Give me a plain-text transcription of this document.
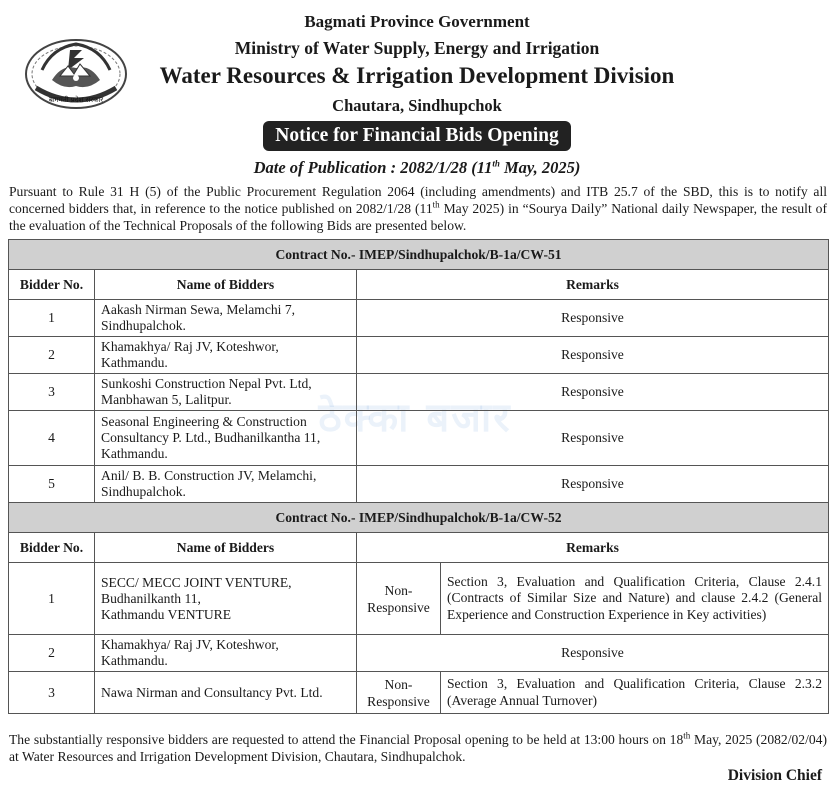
बागमती प्रदेश सरकार
Bagmati Province Government
Ministry of Water Supply, Energy and Irrigation
Water Resources & Irrigation Development Division
Chautara, Sindhupchok
Notice for Financial Bids Opening
Date of Publication : 2082/1/28 (11th May, 2025)

Pursuant to Rule 31 H (5) of the Public Procurement Regulation 2064 (including amendments) and ITB 25.7 of the SBD, this is to notify all concerned bidders that, in reference to the notice published on 2082/1/28 (11th May 2025) in “Sourya Daily” National daily Newspaper, the result of the evaluation of the Technical Proposals of the following Bids are presented below.

ठेक्का बजार
Contract No.- IMEP/Sindhupalchok/B-1a/CW-51			
Bidder No.	Name of Bidders	Remarks	
1	Aakash Nirman Sewa, Melamchi 7,
Sindhupalchok.	Responsive	
2	Khamakhya/ Raj JV, Koteshwor,
Kathmandu.	Responsive	
3	Sunkoshi Construction Nepal Pvt. Ltd,
Manbhawan 5, Lalitpur.	Responsive	
4	Seasonal Engineering & Construction
Consultancy P. Ltd., Budhanilkantha 11,
Kathmandu.	Responsive	
5	Anil/ B. B. Construction JV, Melamchi,
Sindhupalchok.	Responsive	
Contract No.- IMEP/Sindhupalchok/B-1a/CW-52			
Bidder No.	Name of Bidders	Remarks	
1	SECC/ MECC JOINT VENTURE,
Budhanilkanth 11,
Kathmandu VENTURE	Non-
Responsive	Section 3, Evaluation and Qualification Criteria, Clause 2.4.1 (Contracts of Similar Size and Nature) and clause 2.4.2 (General Experience and Construction Experience in Key activities)
2	Khamakhya/ Raj JV, Koteshwor,
Kathmandu.	Responsive	
3	Nawa Nirman and Consultancy Pvt. Ltd.	Non-
Responsive	Section 3, Evaluation and Qualification Criteria, Clause 2.3.2 (Average Annual Turnover)

The substantially responsive bidders are requested to attend the Financial Proposal opening to be held at 13:00 hours on 18th May, 2025 (2082/02/04) at Water Resources and Irrigation Development Division, Chautara, Sindhupalchok.

Division Chief
